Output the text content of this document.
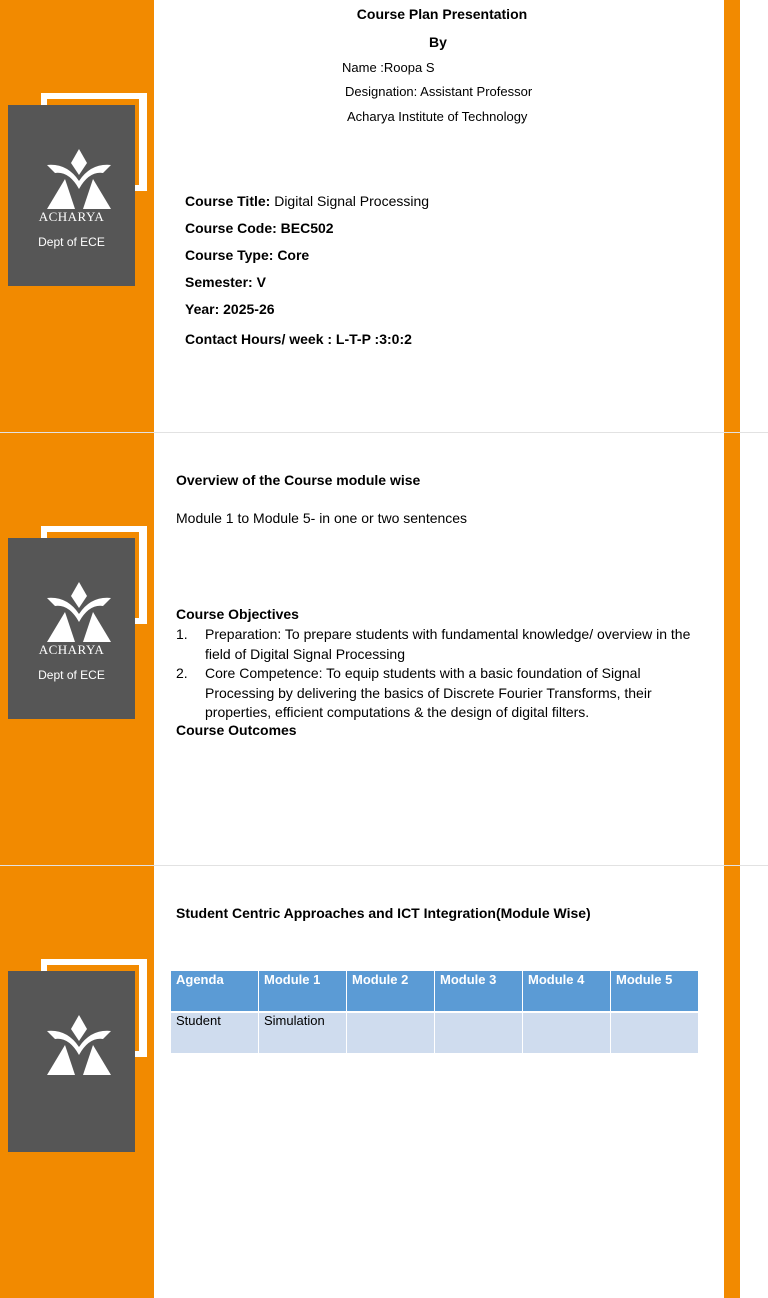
ACHARYA
Dept of ECE
Course Plan Presentation
By
Name :Roopa S
Designation: Assistant Professor
Acharya Institute of Technology
Course Title: Digital Signal Processing
Course Code: BEC502
Course Type: Core
Semester: V
Year: 2025-26
Contact Hours/ week : L-T-P :3:0:2
ACHARYA
Dept of ECE
Overview of the Course module wise
Module 1 to Module 5- in one or two sentences
Course Objectives
1. Preparation: To prepare students with fundamental knowledge/ overview in the field of Digital Signal Processing
2. Core Competence: To equip students with a basic foundation of Signal Processing by delivering the basics of Discrete Fourier Transforms, their properties, efficient computations & the design of digital filters.
Course Outcomes
Student Centric Approaches and ICT Integration(Module Wise)
Agenda	Module 1	Module 2	Module 3	Module 4	Module 5
Student	Simulation				
